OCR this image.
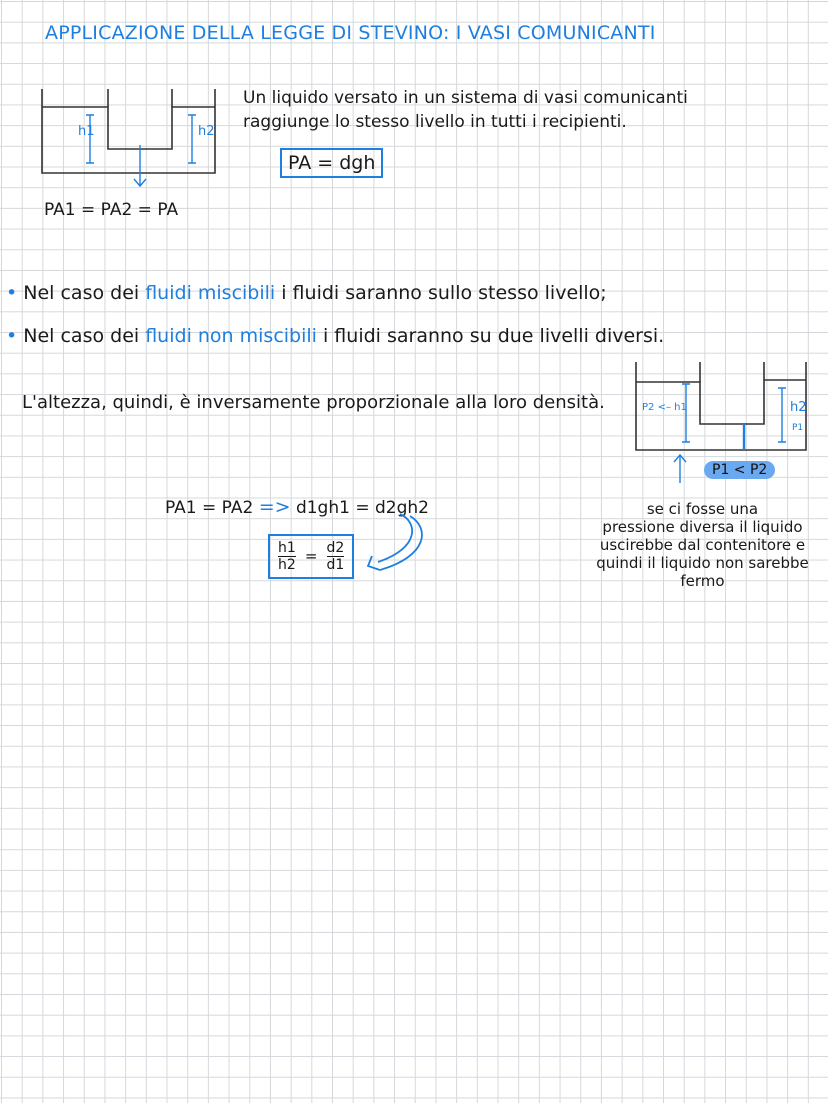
APPLICAZIONE DELLA LEGGE DI STEVINO: I VASI COMUNICANTI
h1	h2
Un liquido versato in un sistema di vasi comunicanti
raggiunge lo stesso livello in tutti i recipienti.
PA = dgh
PA1 = PA2 = PA
• Nel caso dei fluidi miscibili i fluidi saranno sullo stesso livello;
• Nel caso dei fluidi non miscibili i fluidi saranno su due livelli diversi.
L'altezza, quindi, è inversamente proporzionale alla loro densità.	P2 <– h1	h2
P1
P1 < P2
PA1 = PA2 => d1gh1 = d2gh2
$\frac{h1}{h2} = \frac{d2}{d1}$
se ci fosse una
pressione diversa il liquido
uscirebbe dal contenitore e
quindi il liquido non sarebbe
fermo
